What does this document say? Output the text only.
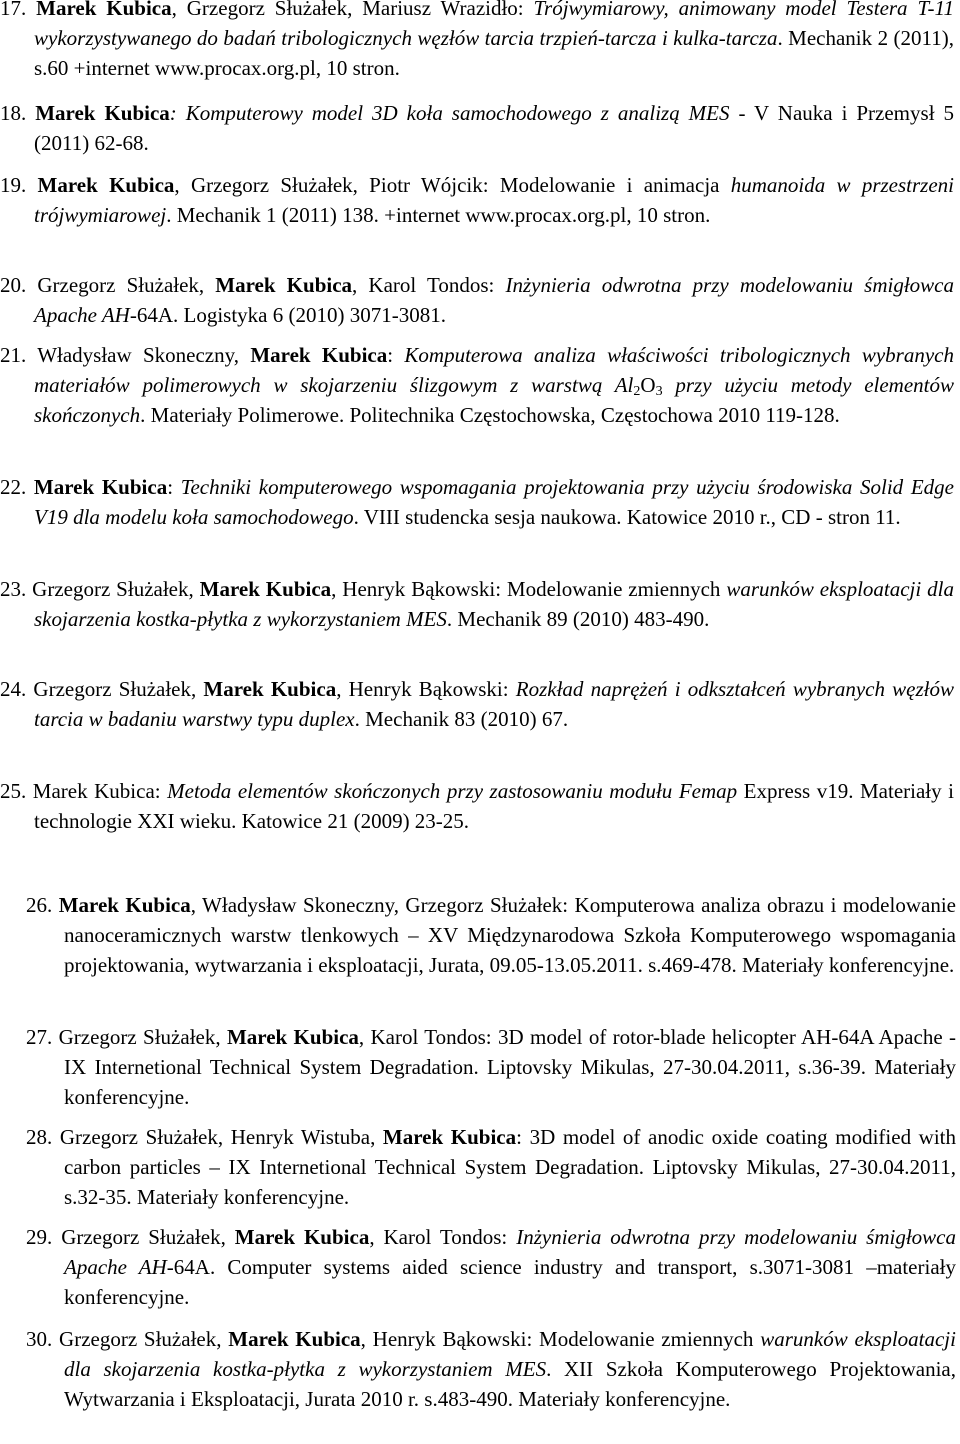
17. Marek Kubica, Grzegorz Służałek, Mariusz Wrazidło: Trójwymiarowy, animowany model Testera T-11 wykorzystywanego do badań tribologicznych węzłów tarcia trzpień-tarcza i kulka-tarcza. Mechanik 2 (2011), s.60 +internet www.procax.org.pl, 10 stron.

18. Marek Kubica: Komputerowy model 3D koła samochodowego z analizą MES - V Nauka i Przemysł 5 (2011) 62-68.

19. Marek Kubica, Grzegorz Służałek, Piotr Wójcik: Modelowanie i animacja humanoida w przestrzeni trójwymiarowej. Mechanik 1 (2011) 138. +internet www.procax.org.pl, 10 stron.

20. Grzegorz Służałek, Marek Kubica, Karol Tondos: Inżynieria odwrotna przy modelowaniu śmigłowca Apache AH-64A. Logistyka 6 (2010) 3071-3081.

21. Władysław Skoneczny, Marek Kubica: Komputerowa analiza właściwości tribologicznych wybranych materiałów polimerowych w skojarzeniu ślizgowym z warstwą $Al_2O_3$ przy użyciu metody elementów skończonych. Materiały Polimerowe. Politechnika Częstochowska, Częstochowa 2010 119-128.

22. Marek Kubica: Techniki komputerowego wspomagania projektowania przy użyciu środowiska Solid Edge V19 dla modelu koła samochodowego. VIII studencka sesja naukowa. Katowice 2010 r., CD - stron 11.

23. Grzegorz Służałek, Marek Kubica, Henryk Bąkowski: Modelowanie zmiennych warunków eksploatacji dla skojarzenia kostka-płytka z wykorzystaniem MES. Mechanik 89 (2010) 483-490.

24. Grzegorz Służałek, Marek Kubica, Henryk Bąkowski: Rozkład naprężeń i odkształceń wybranych węzłów tarcia w badaniu warstwy typu duplex. Mechanik 83 (2010) 67.

25. Marek Kubica: Metoda elementów skończonych przy zastosowaniu modułu Femap Express v19. Materiały i technologie XXI wieku. Katowice 21 (2009) 23-25.

26. Marek Kubica, Władysław Skoneczny, Grzegorz Służałek: Komputerowa analiza obrazu i modelowanie nanoceramicznych warstw tlenkowych – XV Międzynarodowa Szkoła Komputerowego wspomagania projektowania, wytwarzania i eksploatacji, Jurata, 09.05-13.05.2011. s.469-478. Materiały konferencyjne.

27. Grzegorz Służałek, Marek Kubica, Karol Tondos: 3D model of rotor-blade helicopter AH-64A Apache - IX Internetional Technical System Degradation. Liptovsky Mikulas, 27-30.04.2011, s.36-39. Materiały konferencyjne.

28. Grzegorz Służałek, Henryk Wistuba, Marek Kubica: 3D model of anodic oxide coating modified with carbon particles – IX Internetional Technical System Degradation. Liptovsky Mikulas, 27-30.04.2011, s.32-35. Materiały konferencyjne.

29. Grzegorz Służałek, Marek Kubica, Karol Tondos: Inżynieria odwrotna przy modelowaniu śmigłowca Apache AH-64A. Computer systems aided science industry and transport, s.3071-3081 –materiały konferencyjne.

30. Grzegorz Służałek, Marek Kubica, Henryk Bąkowski: Modelowanie zmiennych warunków eksploatacji dla skojarzenia kostka-płytka z wykorzystaniem MES. XII Szkoła Komputerowego Projektowania, Wytwarzania i Eksploatacji, Jurata 2010 r. s.483-490. Materiały konferencyjne.
